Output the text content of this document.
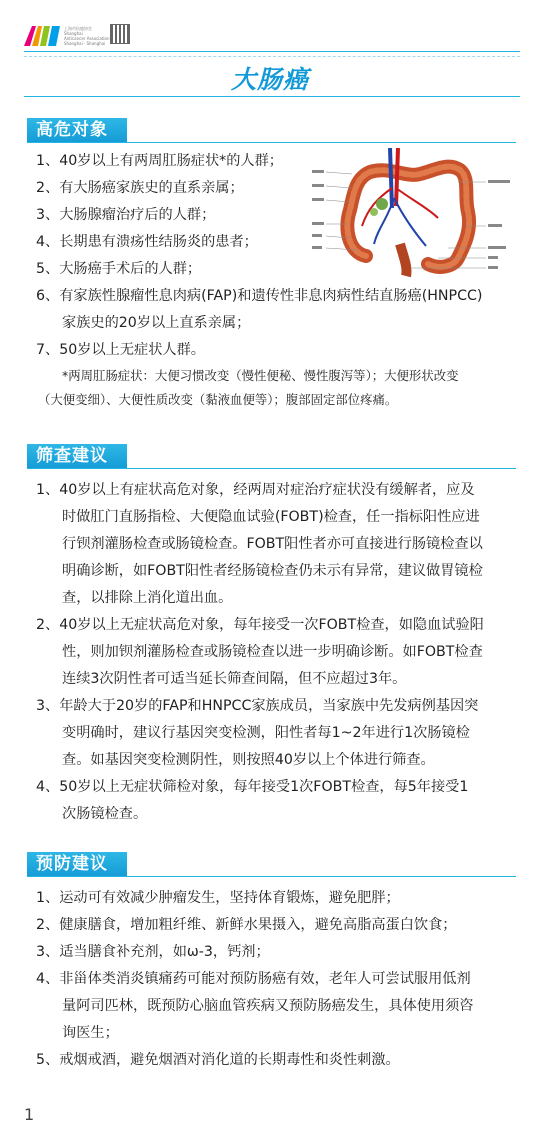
上海市抗癌协会
Shanghai
Anticancer Association
Shanghai · Shanghai
大肠癌
高危对象
1、40岁以上有两周肛肠症状*的人群；
2、有大肠癌家族史的直系亲属；
3、大肠腺瘤治疗后的人群；
4、长期患有溃疡性结肠炎的患者；
5、大肠癌手术后的人群；
6、有家族性腺瘤性息肉病(FAP)和遗传性非息肉病性结直肠癌(HNPCC)
家族史的20岁以上直系亲属；
7、50岁以上无症状人群。
*两周肛肠症状：大便习惯改变（慢性便秘、慢性腹泻等）；大便形状改变
（大便变细）、大便性质改变（黏液血便等）；腹部固定部位疼痛。
筛查建议
1、40岁以上有症状高危对象，经两周对症治疗症状没有缓解者，应及
时做肛门直肠指检、大便隐血试验(FOBT)检查，任一指标阳性应进
行钡剂灌肠检查或肠镜检查。FOBT阳性者亦可直接进行肠镜检查以
明确诊断，如FOBT阳性者经肠镜检查仍未示有异常，建议做胃镜检
查，以排除上消化道出血。
2、40岁以上无症状高危对象，每年接受一次FOBT检查，如隐血试验阳
性，则加钡剂灌肠检查或肠镜检查以进一步明确诊断。如FOBT检查
连续3次阴性者可适当延长筛查间隔，但不应超过3年。
3、年龄大于20岁的FAP和HNPCC家族成员，当家族中先发病例基因突
变明确时，建议行基因突变检测，阳性者每1~2年进行1次肠镜检
查。如基因突变检测阴性，则按照40岁以上个体进行筛查。
4、50岁以上无症状筛检对象，每年接受1次FOBT检查，每5年接受1
次肠镜检查。
预防建议
1、运动可有效减少肿瘤发生，坚持体育锻炼，避免肥胖；
2、健康膳食，增加粗纤维、新鲜水果摄入，避免高脂高蛋白饮食；
3、适当膳食补充剂，如ω-3，钙剂；
4、非甾体类消炎镇痛药可能对预防肠癌有效，老年人可尝试服用低剂
量阿司匹林，既预防心脑血管疾病又预防肠癌发生，具体使用须咨
询医生；
5、戒烟戒酒，避免烟酒对消化道的长期毒性和炎性刺激。
1
